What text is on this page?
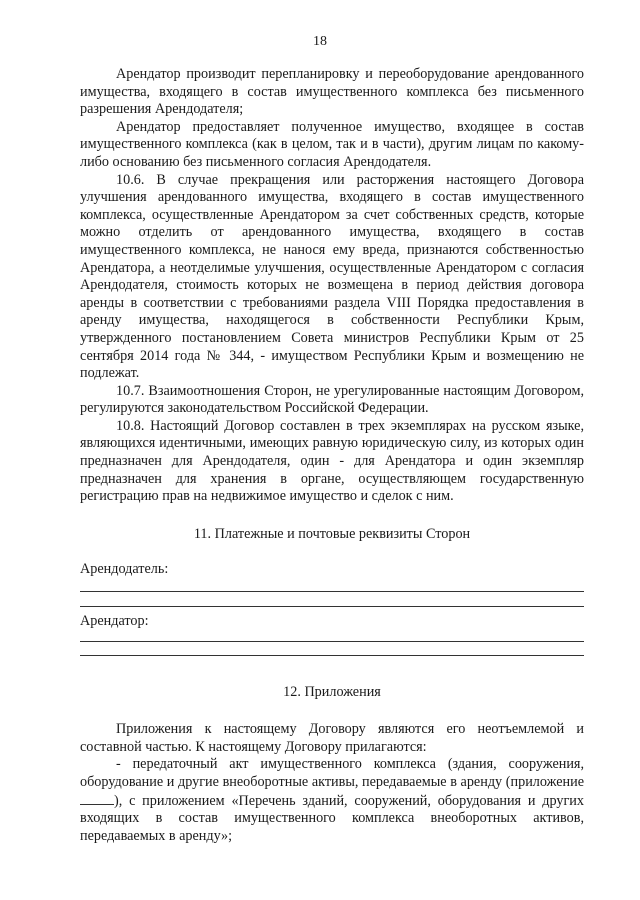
18

Арендатор производит перепланировку и переоборудование арендованного имущества, входящего в состав имущественного комплекса без письменного разрешения Арендодателя;

Арендатор предоставляет полученное имущество, входящее в состав имущественного комплекса (как в целом, так и в части), другим лицам по какому-либо основанию без письменного согласия Арендодателя.

10.6. В случае прекращения или расторжения настоящего Договора улучшения арендованного имущества, входящего в состав имущественного комплекса, осуществленные Арендатором за счет собственных средств, которые можно отделить от арендованного имущества, входящего в состав имущественного комплекса, не нанося ему вреда, признаются собственностью Арендатора, а неотделимые улучшения, осуществленные Арендатором с согласия Арендодателя, стоимость которых не возмещена в период действия договора аренды в соответствии с требованиями раздела VIII Порядка предоставления в аренду имущества, находящегося в собственности Республики Крым, утвержденного постановлением Совета министров Республики Крым от 25 сентября 2014 года № 344, - имуществом Республики Крым и возмещению не подлежат.

10.7. Взаимоотношения Сторон, не урегулированные настоящим Договором, регулируются законодательством Российской Федерации.

10.8. Настоящий Договор составлен в трех экземплярах на русском языке, являющихся идентичными, имеющих равную юридическую силу, из которых один предназначен для Арендодателя, один - для Арендатора и один экземпляр предназначен для хранения в органе, осуществляющем государственную регистрацию прав на недвижимое имущество и сделок с ним.

11. Платежные и почтовые реквизиты Сторон

Арендодатель:

Арендатор:

12. Приложения

Приложения к настоящему Договору являются его неотъемлемой и составной частью. К настоящему Договору прилагаются:

- передаточный акт имущественного комплекса (здания, сооружения, оборудование и другие внеоборотные активы, передаваемые в аренду (приложение ), с приложением «Перечень зданий, сооружений, оборудования и других входящих в состав имущественного комплекса внеоборотных активов, передаваемых в аренду»;
